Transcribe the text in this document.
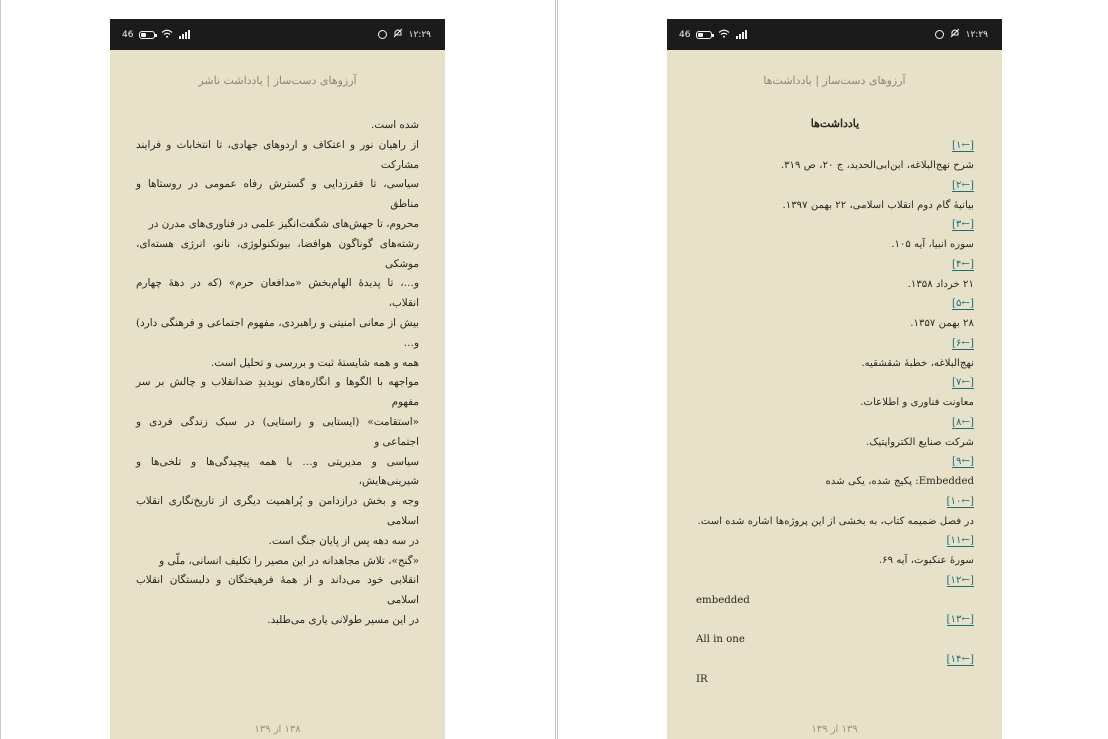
46	۱۲:۲۹
آرزوهای دست‌ساز | یادداشت ناشر

شده است.

از راهیان نور و اعتکاف و اردوهای جهادی، تا انتخابات و فرایند مشارکت

سیاسی، تا فقرزدایی و گسترش رفاه عمومی در روستاها و مناطق

محروم، تا جهش‌های شگفت‌انگیز علمی در فناوری‌های مدرن در

رشته‌های گوناگون هوافضا، بیوتکنولوژی، نانو، انرژی هسته‌ای، موشکی

و…، تا پدیدهٔ الهام‌بخش «مدافعان حرم» (که در دههٔ چهارم انقلاب،

بیش از معانی امنیتی و راهبردی، مفهوم اجتماعی و فرهنگی دارد) و…

همه و همه شایستهٔ ثبت و بررسی و تحلیل است.

مواجهه با الگوها و انگاره‌های نوپدیدِ ضدانقلاب و چالش بر سر مفهوم

«استقامت» (ایستایی و راستایی) در سبک زندگی فردی و اجتماعی و

سیاسی و مدیریتی و… با همه پیچیدگی‌ها و تلخی‌ها و شیرینی‌هایش،

وجه و بخش درازدامن و پُراهمیت دیگری از تاریخ‌نگاری انقلاب اسلامی

در سه دهه پس از پایان جنگ است.

«گنج»، تلاش مجاهدانه در این مصیر را تکلیف انسانی، ملّی و

انقلابی خود می‌داند و از همهٔ فرهیختگان و دلبستگان انقلاب اسلامی

در این مسیر طولانی یاری می‌طلبد.

۱۳۸ از ۱۳۹
46	۱۲:۲۹
آرزوهای دست‌ساز | یادداشت‌ها
یادداشت‌ها
[←۱]
شرح نهج‌البلاغه، ابن‌ابی‌الحدید، ج ۲۰، ص ۳۱۹.
[←۲]
بیانیهٔ گام دوم انقلاب اسلامی، ۲۲ بهمن ۱۳۹۷.
[←۳]
سوره انبیا، آیه ۱۰۵.
[←۴]
۲۱ خرداد ۱۳۵۸.
[←۵]
۲۸ بهمن ۱۳۵۷.
[←۶]
نهج‌البلاغه، خطبهٔ شقشقیه.
[←۷]
معاونت فناوری و اطلاعات.
[←۸]
شرکت صنایع الکترواپتیک.
[←۹]
Embedded: پکیج شده، یکی شده
[←۱۰]
در فصل ضمیمه کتاب، به بخشی از این پروژه‌ها اشاره شده است.
[←۱۱]
سورهٔ عنکبوت، آیه ۶۹.
[←۱۲]
embedded
[←۱۳]
All in one
[←۱۴]
IR
۱۳۹ از ۱۳۹
